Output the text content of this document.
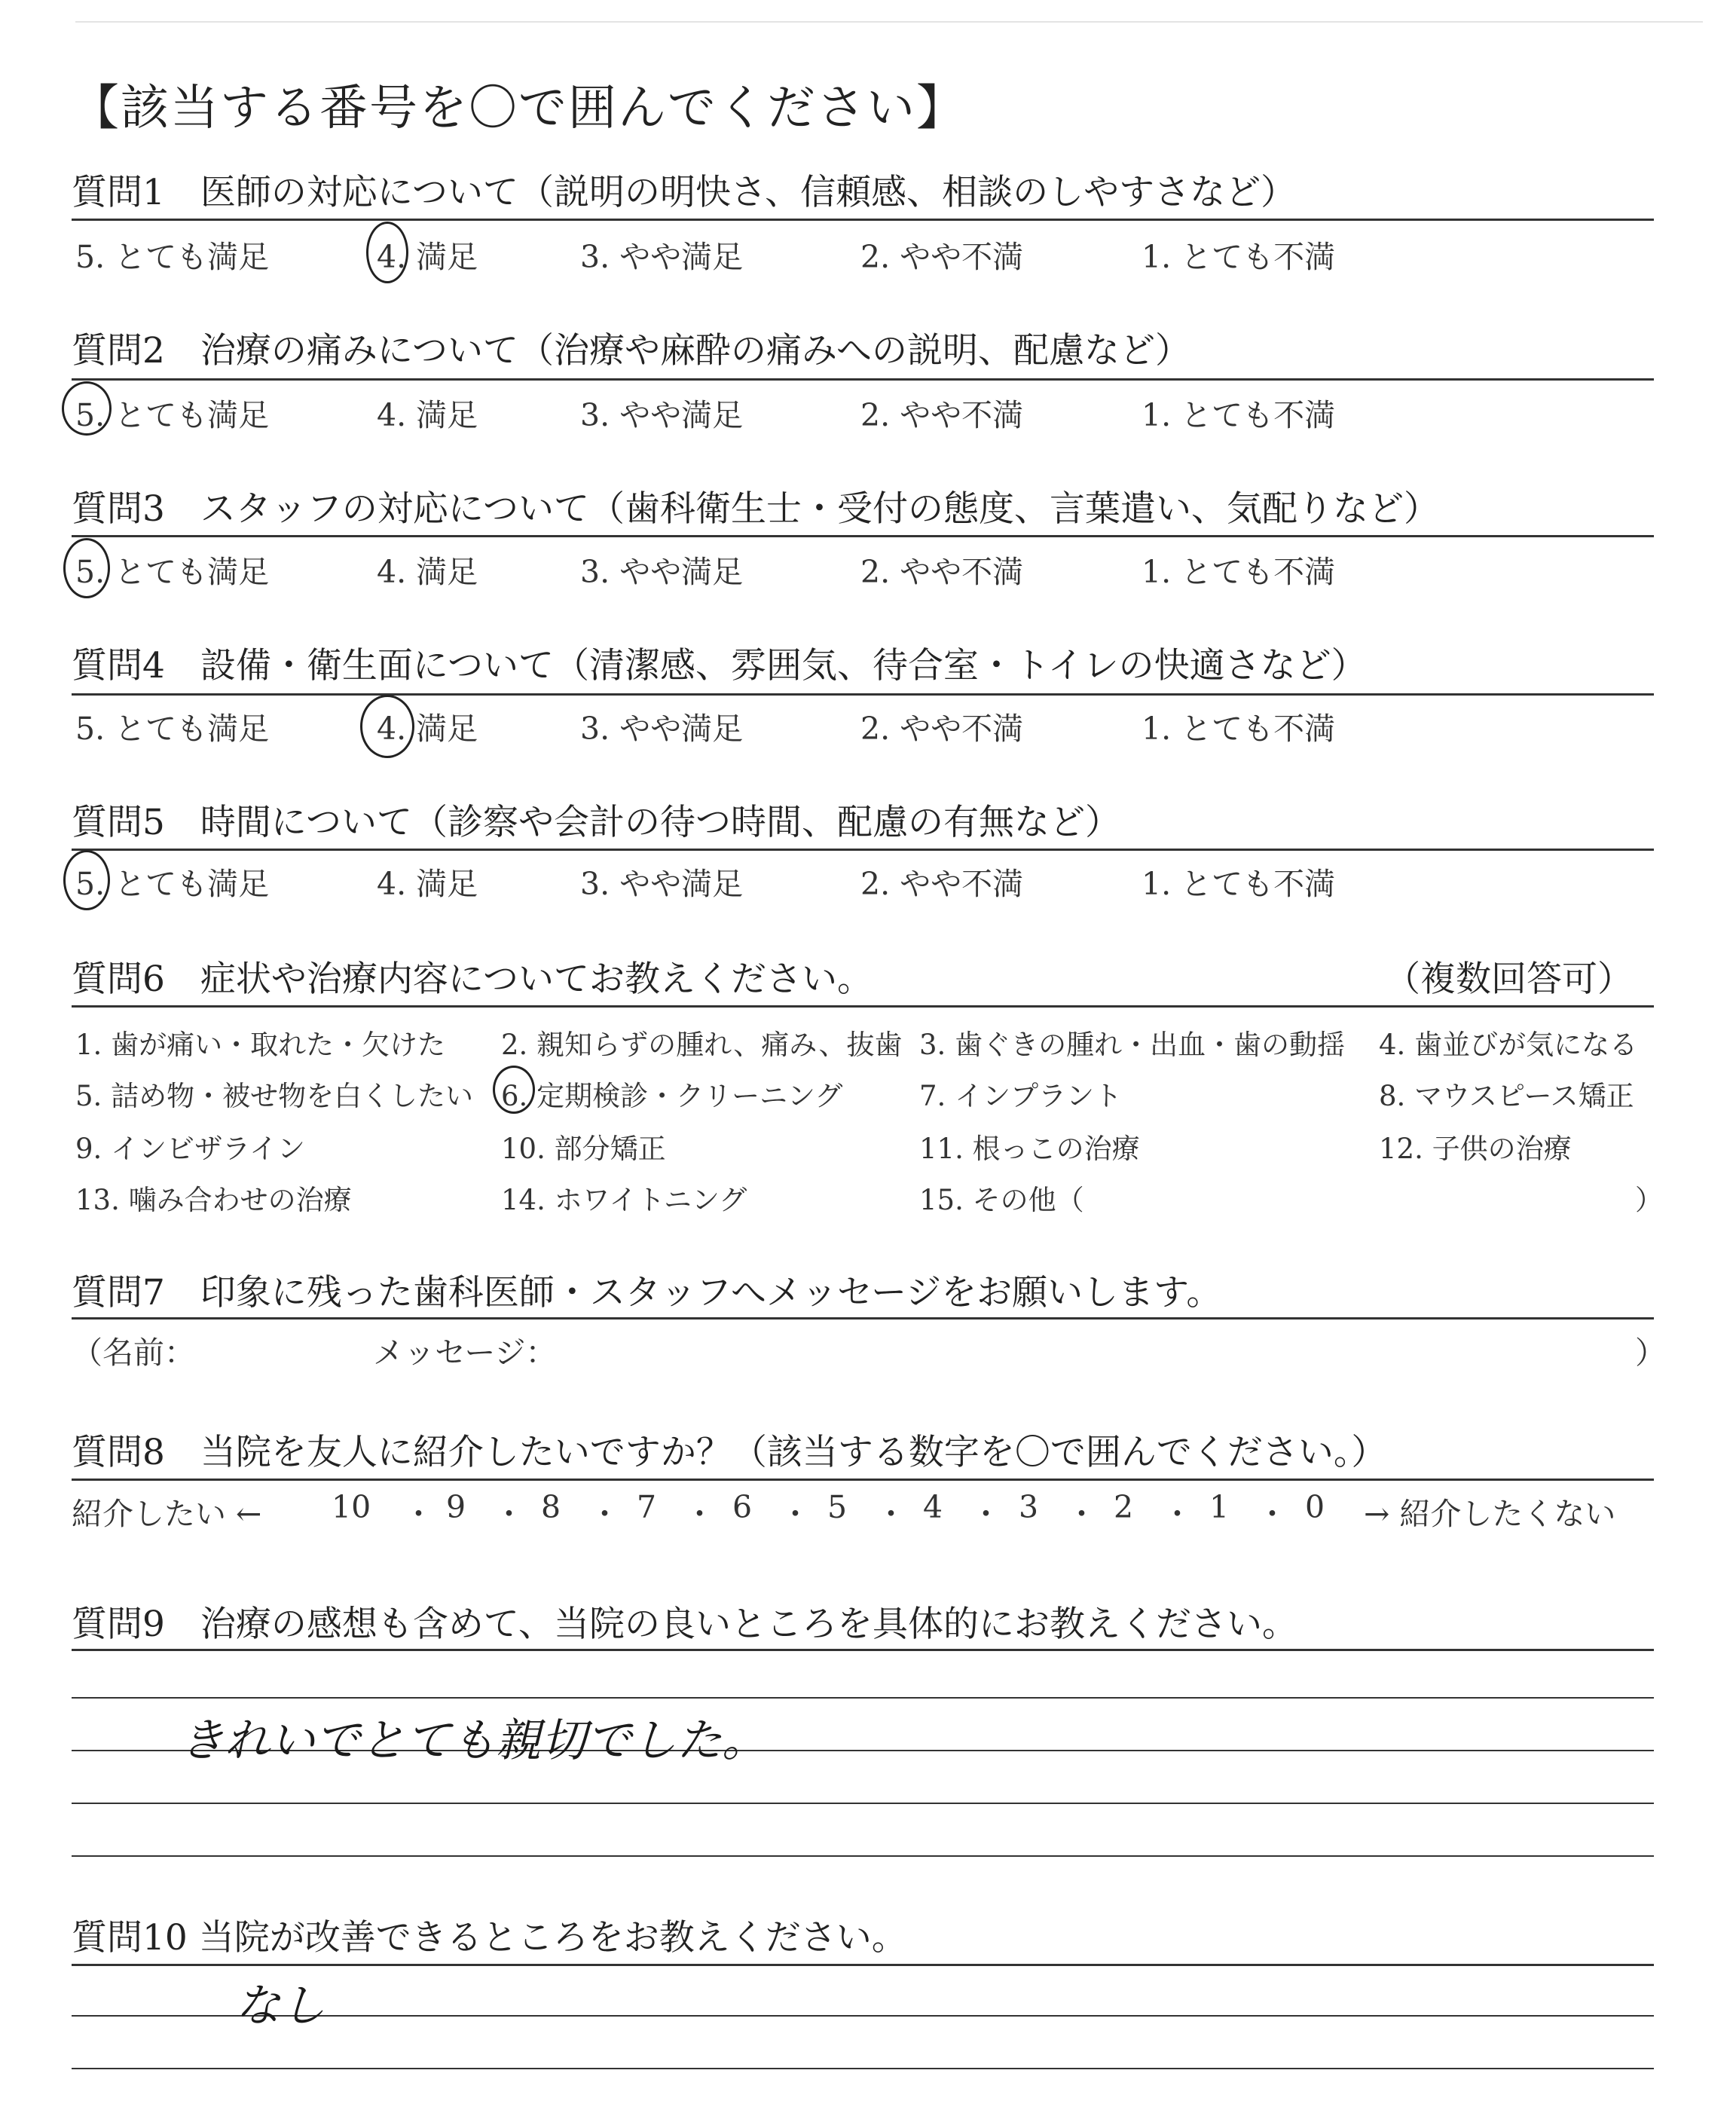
【該当する番号を〇で囲んでください】
質問1　医師の対応について（説明の明快さ、信頼感、相談のしやすさなど）
5. とても満足	4. 満足	3. やや満足	2. やや不満	1. とても不満
質問2　治療の痛みについて（治療や麻酔の痛みへの説明、配慮など）
5. とても満足	4. 満足	3. やや満足	2. やや不満	1. とても不満
質問3　スタッフの対応について（歯科衛生士・受付の態度、言葉遣い、気配りなど）
5. とても満足	4. 満足	3. やや満足	2. やや不満	1. とても不満
質問4　設備・衛生面について（清潔感、雰囲気、待合室・トイレの快適さなど）
5. とても満足	4. 満足	3. やや満足	2. やや不満	1. とても不満
質問5　時間について（診察や会計の待つ時間、配慮の有無など）
5. とても満足	4. 満足	3. やや満足	2. やや不満	1. とても不満
質問6　症状や治療内容についてお教えください。	（複数回答可）
1. 歯が痛い・取れた・欠けた 2. 親知らずの腫れ、痛み、抜歯 3. 歯ぐきの腫れ・出血・歯の動揺 4. 歯並びが気になる
5. 詰め物・被せ物を白くしたい 6. 定期検診・クリーニング	7. インプラント	8. マウスピース矯正
9. インビザライン	10. 部分矯正	11. 根っこの治療	12. 子供の治療
13. 噛み合わせの治療	14. ホワイトニング	15. その他（	）
質問7　印象に残った歯科医師・スタッフへメッセージをお願いします。
（名前：	メッセージ：	）
質問8　当院を友人に紹介したいですか？（該当する数字を〇で囲んでください。）
紹介したい ← 10 ・ 9 ・ 8 ・ 7 ・ 6 ・ 5 ・ 4 ・ 3 ・ 2 ・ 1 ・ 0 → 紹介したくない
質問9　治療の感想も含めて、当院の良いところを具体的にお教えください。
きれいでとても親切でした。
質問10 当院が改善できるところをお教えください。
なし
